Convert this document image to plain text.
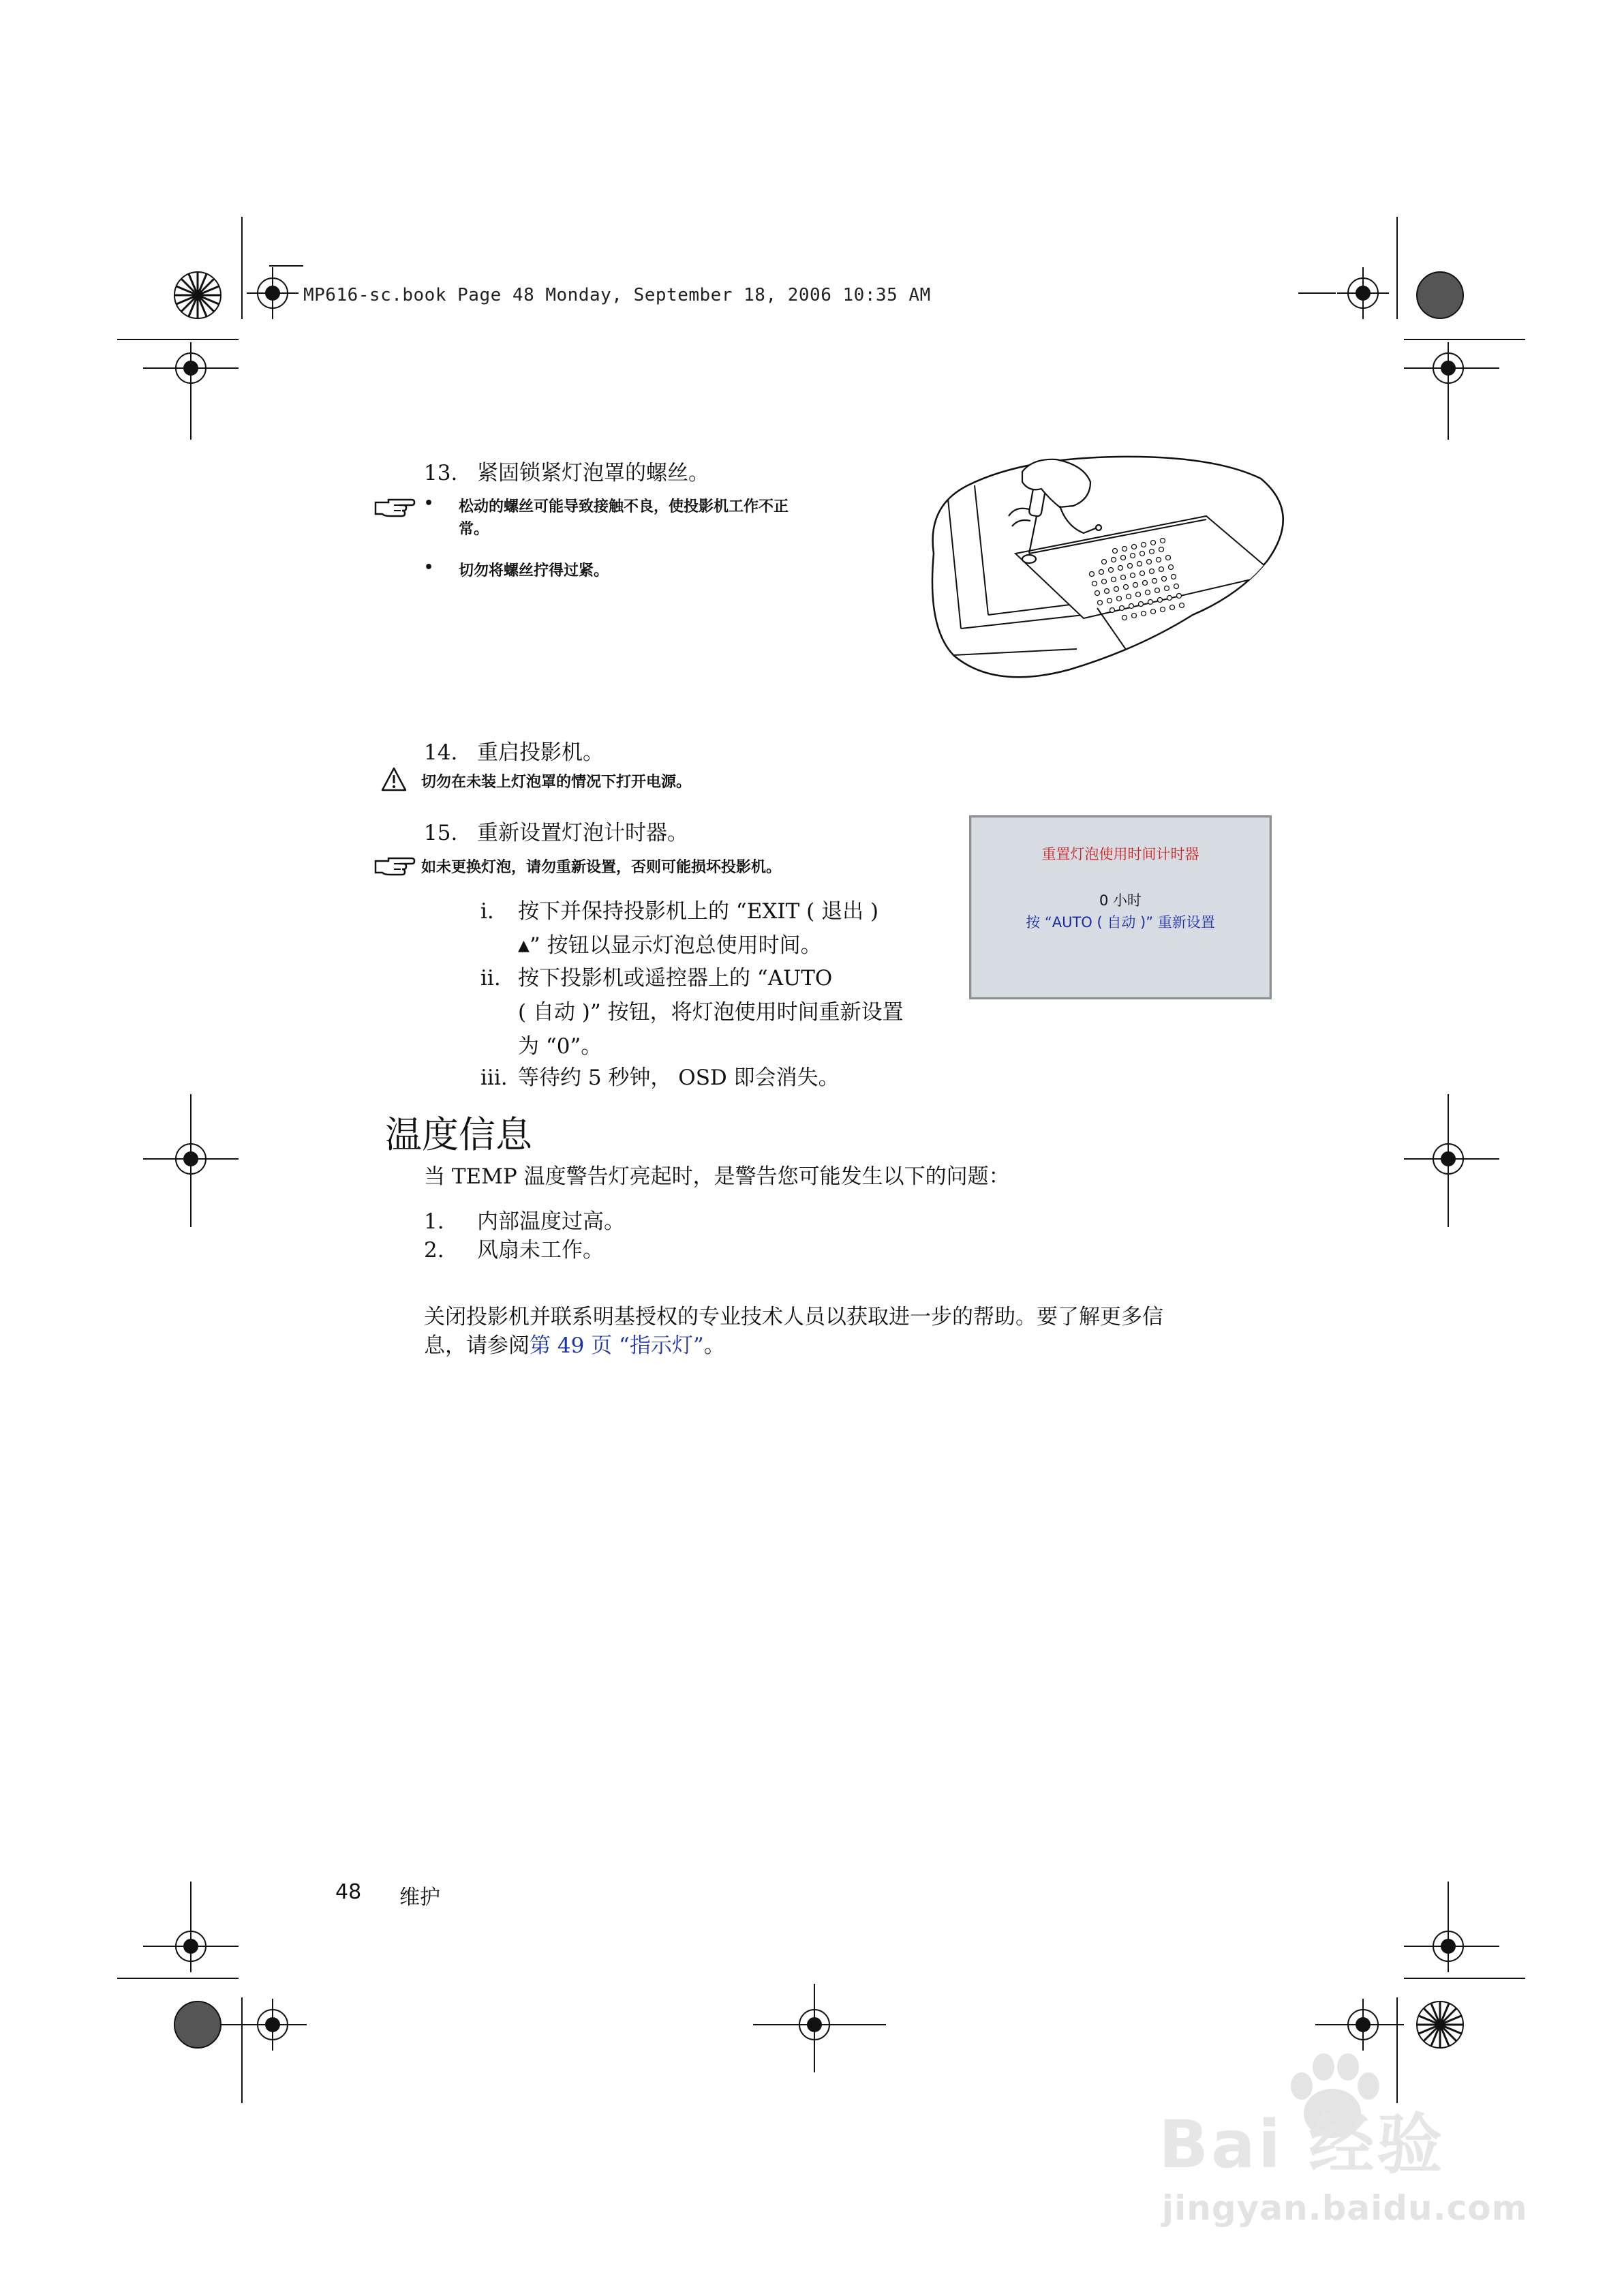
MP616-sc.book Page 48 Monday, September 18, 2006 10:35 AM
13. 紧固锁紧灯泡罩的螺丝。
• 松动的螺丝可能导致接触不良，使投影机工作不正
常。
• 切勿将螺丝拧得过紧。
14. 重启投影机。
切勿在未装上灯泡罩的情况下打开电源。
15. 重新设置灯泡计时器。
如未更换灯泡，请勿重新设置，否则可能损坏投影机。
i. 按下并保持投影机上的 “EXIT ( 退出 )
▲” 按钮以显示灯泡总使用时间。
ii. 按下投影机或遥控器上的 “AUTO
( 自动 )” 按钮，将灯泡使用时间重新设置
为 “0”。
iii. 等待约 5 秒钟， OSD 即会消失。
重置灯泡使用时间计时器
0 小时
按 “AUTO ( 自动 )” 重新设置
温度信息
当 TEMP 温度警告灯亮起时，是警告您可能发生以下的问题：
1. 内部温度过高。
2. 风扇未工作。
关闭投影机并联系明基授权的专业技术人员以获取进一步的帮助。要了解更多信
息，请参阅第 49 页 “指示灯”。
48 维护
Bai 经验
jingyan.baidu.com
